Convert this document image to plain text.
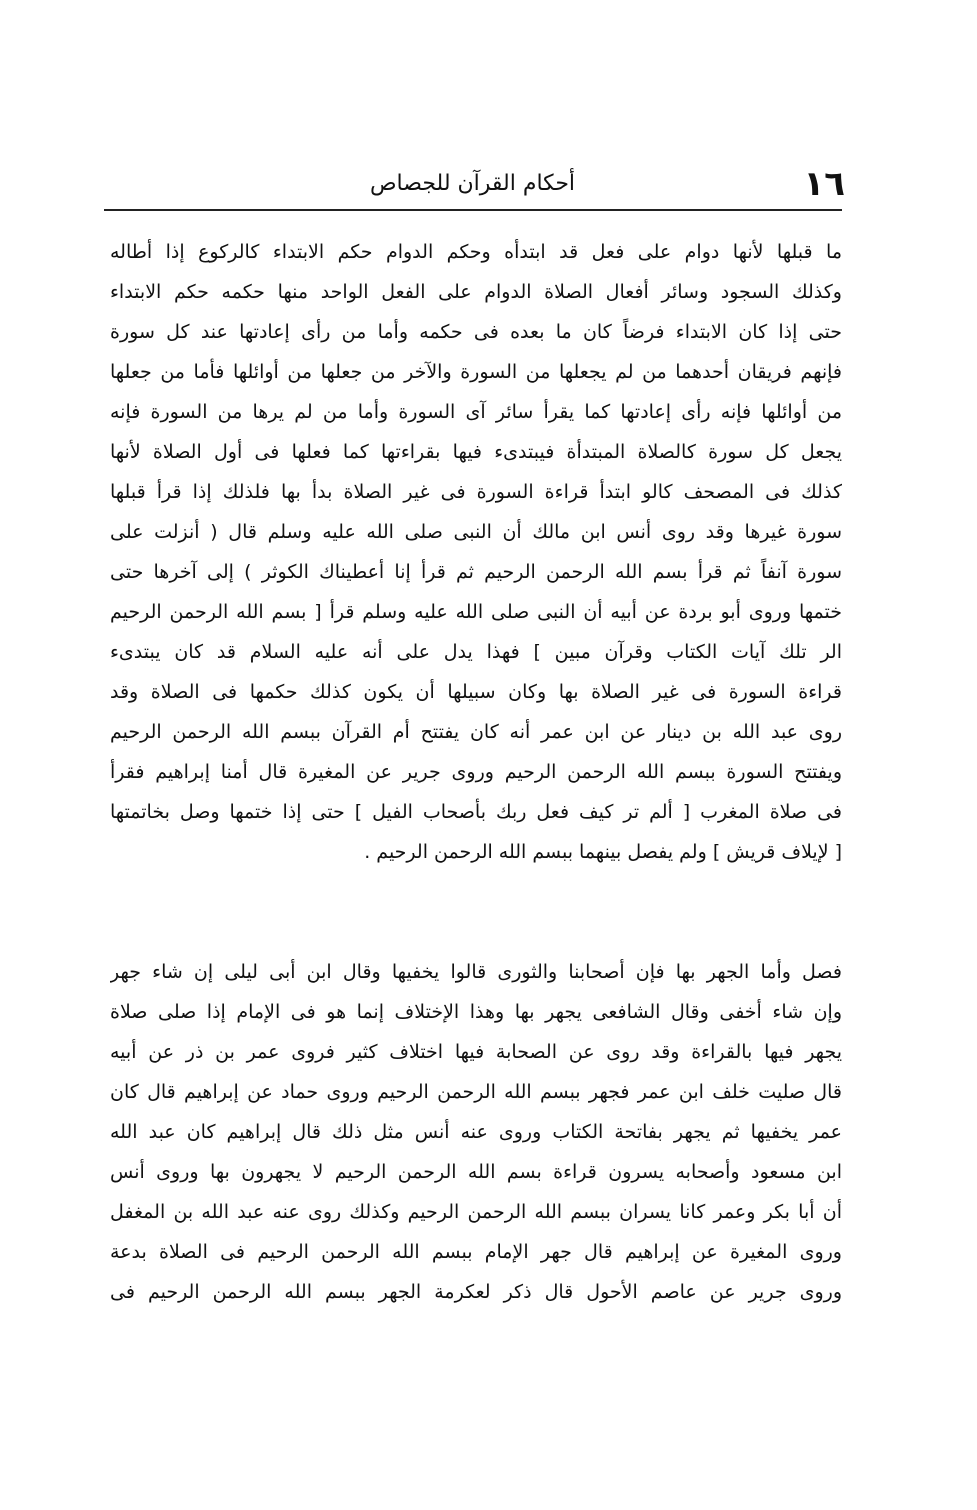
١٦
أحكام القرآن للجصاص
ما قبلها لأنها دوام على فعل قد ابتدأه وحكم الدوام حكم الابتداء كالركوع إذا أطاله
وكذلك السجود وسائر أفعال الصلاة الدوام على الفعل الواحد منها حكمه حكم الابتداء
حتى إذا كان الابتداء فرضاً كان ما بعده فى حكمه وأما من رأى إعادتها عند كل سورة
فإنهم فريقان أحدهما من لم يجعلها من السورة والآخر من جعلها من أوائلها فأما من جعلها
من أوائلها فإنه رأى إعادتها كما يقرأ سائر آى السورة وأما من لم يرها من السورة فإنه
يجعل كل سورة كالصلاة المبتدأة فيبتدىء فيها بقراءتها كما فعلها فى أول الصلاة لأنها
كذلك فى المصحف كالو ابتدأ قراءة السورة فى غير الصلاة بدأ بها فلذلك إذا قرأ قبلها
سورة غيرها وقد روى أنس ابن مالك أن النبى صلى الله عليه وسلم قال ( أنزلت على
سورة آنفاً ثم قرأ بسم الله الرحمن الرحيم ثم قرأ إنا أعطيناك الكوثر ) إلى آخرها حتى
ختمها وروى أبو بردة عن أبيه أن النبى صلى الله عليه وسلم قرأ [ بسم الله الرحمن الرحيم
الر تلك آيات الكتاب وقرآن مبين ] فهذا يدل على أنه عليه السلام قد كان يبتدىء
قراءة السورة فى غير الصلاة بها وكان سبيلها أن يكون كذلك حكمها فى الصلاة وقد
روى عبد الله بن دينار عن ابن عمر أنه كان يفتتح أم القرآن ببسم الله الرحمن الرحيم
ويفتتح السورة ببسم الله الرحمن الرحيم وروى جرير عن المغيرة قال أمنا إبراهيم فقرأ
فى صلاة المغرب [ ألم تر كيف فعل ربك بأصحاب الفيل ] حتى إذا ختمها وصل بخاتمتها
[ لإيلاف قريش ] ولم يفصل بينهما ببسم الله الرحمن الرحيم .
فصل وأما الجهر بها فإن أصحابنا والثورى قالوا يخفيها وقال ابن أبى ليلى إن شاء جهر
وإن شاء أخفى وقال الشافعى يجهر بها وهذا الإختلاف إنما هو فى الإمام إذا صلى صلاة
يجهر فيها بالقراءة وقد روى عن الصحابة فيها اختلاف كثير فروى عمر بن ذر عن أبيه
قال صليت خلف ابن عمر فجهر ببسم الله الرحمن الرحيم وروى حماد عن إبراهيم قال كان
عمر يخفيها ثم يجهر بفاتحة الكتاب وروى عنه أنس مثل ذلك قال إبراهيم كان عبد الله
ابن مسعود وأصحابه يسرون قراءة بسم الله الرحمن الرحيم لا يجهرون بها وروى أنس
أن أبا بكر وعمر كانا يسران ببسم الله الرحمن الرحيم وكذلك روى عنه عبد الله بن المغفل
وروى المغيرة عن إبراهيم قال جهر الإمام ببسم الله الرحمن الرحيم فى الصلاة بدعة
وروى جرير عن عاصم الأحول قال ذكر لعكرمة الجهر ببسم الله الرحمن الرحيم فى
